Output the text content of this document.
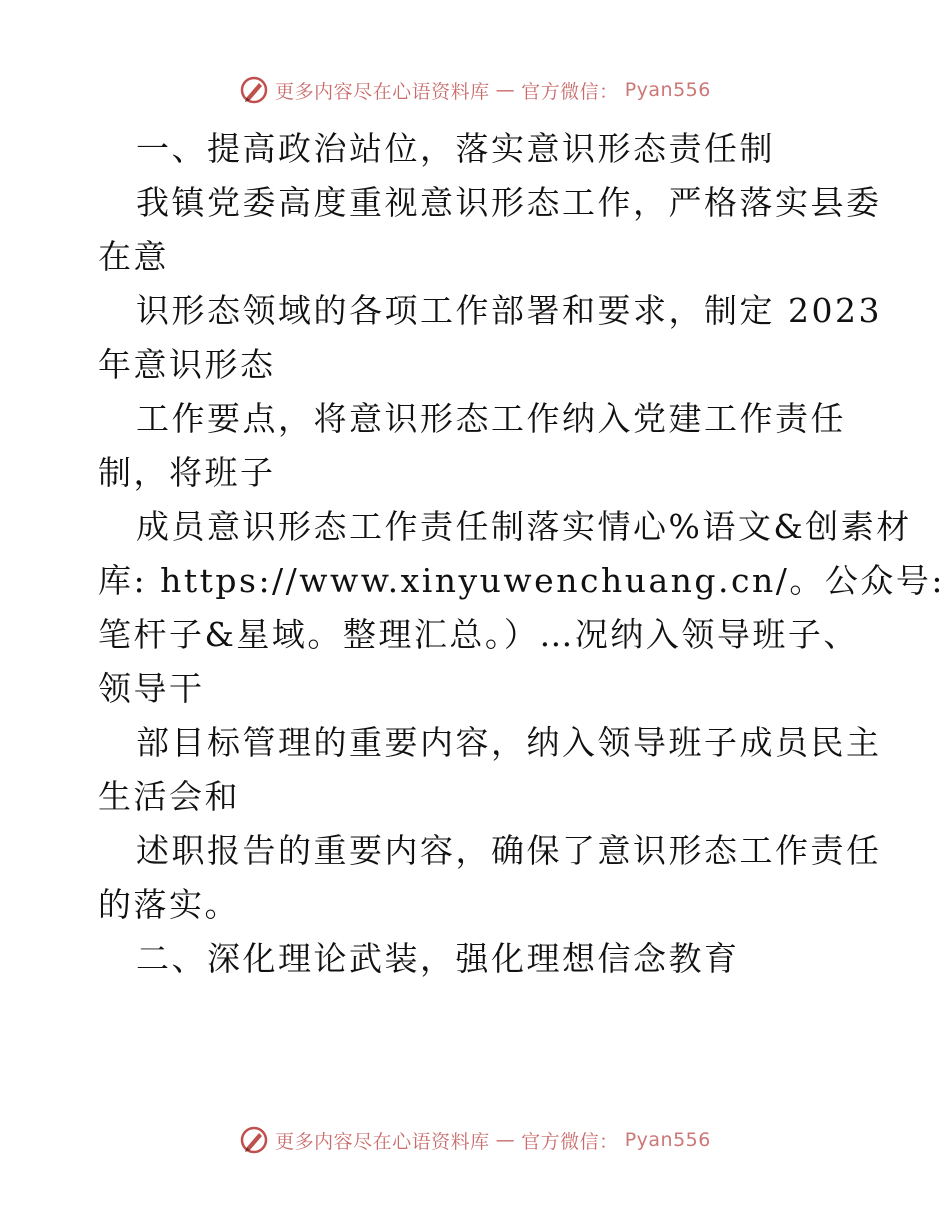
更多内容尽在心语资料库 — 官方微信： Pyan556
一、提高政治站位，落实意识形态责任制
我镇党委高度重视意识形态工作，严格落实县委
在意
识形态领域的各项工作部署和要求，制定 2023
年意识形态
工作要点，将意识形态工作纳入党建工作责任
制，将班子
成员意识形态工作责任制落实情心%语文&创素材
库: https://www.xinyuwenchuang.cn/。公众号:
笔杆子&星域。整理汇总。）…况纳入领导班子、
领导干
部目标管理的重要内容，纳入领导班子成员民主
生活会和
述职报告的重要内容，确保了意识形态工作责任
的落实。
二、深化理论武装，强化理想信念教育
更多内容尽在心语资料库 — 官方微信： Pyan556
